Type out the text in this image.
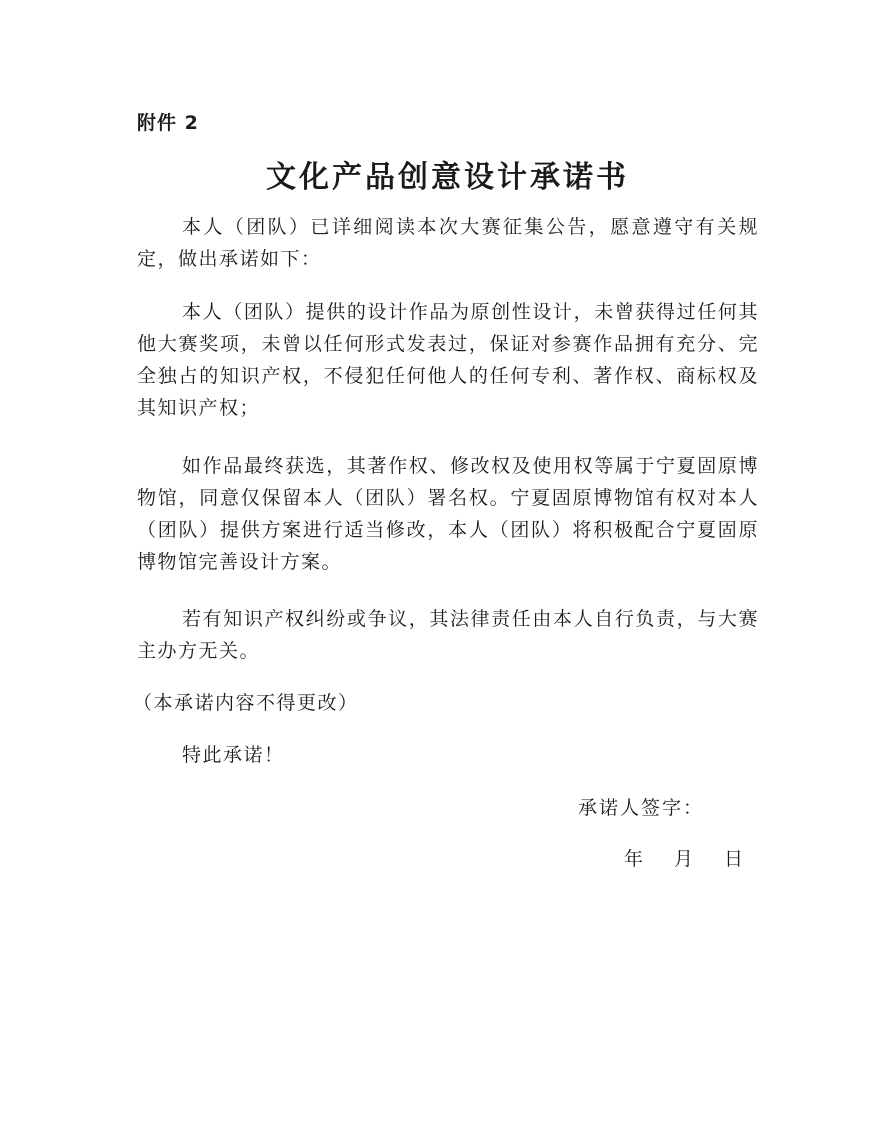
附件 2
文化产品创意设计承诺书

本人（团队）已详细阅读本次大赛征集公告，愿意遵守有关规定，做出承诺如下：

本人（团队）提供的设计作品为原创性设计，未曾获得过任何其他大赛奖项，未曾以任何形式发表过，保证对参赛作品拥有充分、完全独占的知识产权，不侵犯任何他人的任何专利、著作权、商标权及其知识产权；

如作品最终获选，其著作权、修改权及使用权等属于宁夏固原博物馆，同意仅保留本人（团队）署名权。宁夏固原博物馆有权对本人（团队）提供方案进行适当修改，本人（团队）将积极配合宁夏固原博物馆完善设计方案。

若有知识产权纠纷或争议，其法律责任由本人自行负责，与大赛主办方无关。

（本承诺内容不得更改）
特此承诺！
承诺人签字：
年	月	日
